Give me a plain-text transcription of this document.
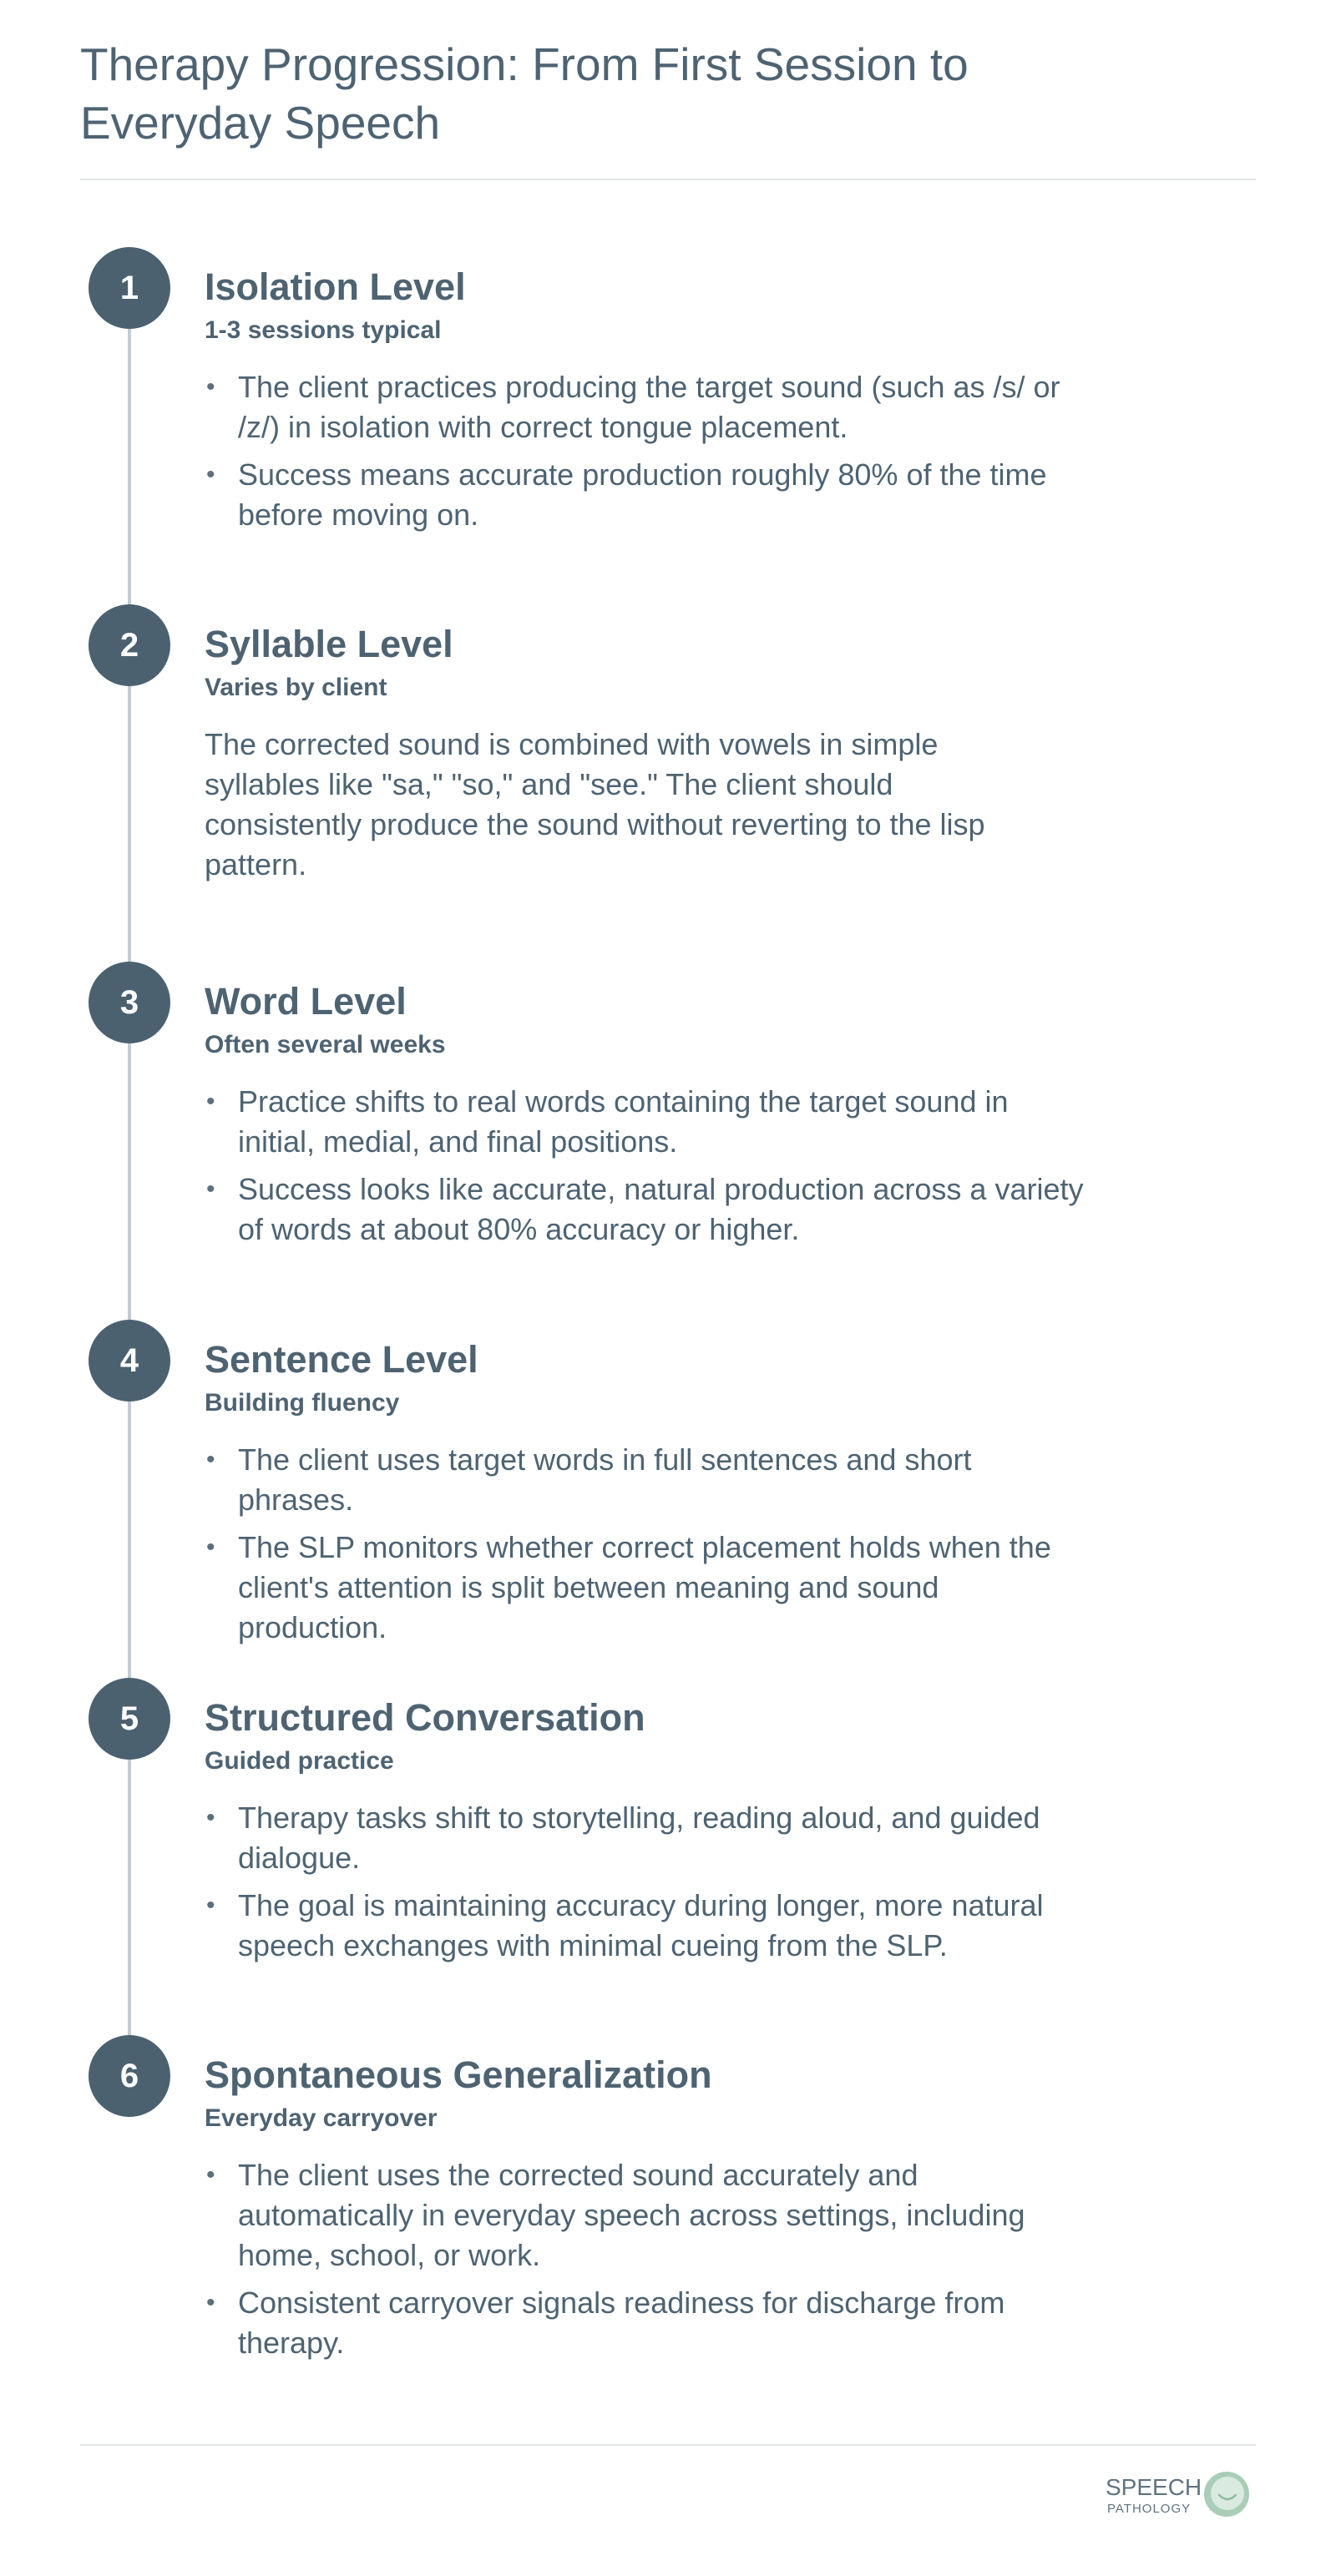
Therapy Progression: From First Session to Everyday Speech
1	Isolation Level
1-3 sessions typical
• The client practices producing the target sound (such as /s/ or /z/) in isolation with correct tongue placement.
• Success means accurate production roughly 80% of the time before moving on.
2	Syllable Level
Varies by client

The corrected sound is combined with vowels in simple syllables like "sa," "so," and "see." The client should consistently produce the sound without reverting to the lisp pattern.

3	Word Level
Often several weeks
• Practice shifts to real words containing the target sound in initial, medial, and final positions.
• Success looks like accurate, natural production across a variety of words at about 80% accuracy or higher.
4	Sentence Level
Building fluency
• The client uses target words in full sentences and short phrases.
• The SLP monitors whether correct placement holds when the client's attention is split between meaning and sound production.
5	Structured Conversation
Guided practice
• Therapy tasks shift to storytelling, reading aloud, and guided dialogue.
• The goal is maintaining accuracy during longer, more natural speech exchanges with minimal cueing from the SLP.
6	Spontaneous Generalization
Everyday carryover
• The client uses the corrected sound accurately and automatically in everyday speech across settings, including home, school, or work.
• Consistent carryover signals readiness for discharge from therapy.
SPEECH
PATHOLOGY
